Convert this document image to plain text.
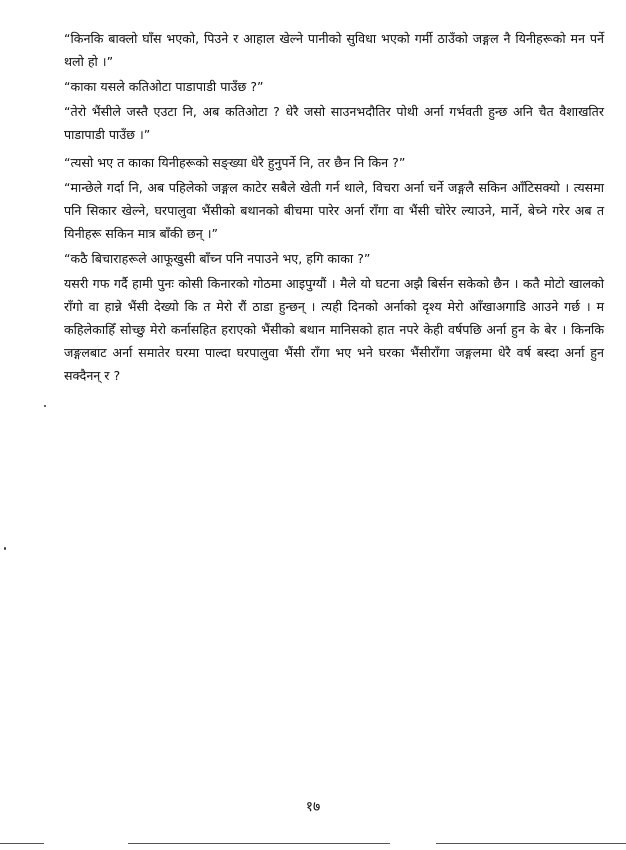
“किनकि बाक्लो घाँस भएको, पिउने र आहाल खेल्ने पानीको सुविधा भएको गर्मी ठाउँको जङ्गल नै यिनीहरूको मन पर्ने थलो हो ।”

“काका यसले कतिओटा पाडापाडी पाउँछ ?”

“तेरो भैंसीले जस्तै एउटा नि, अब कतिओटा ? धेरै जसो साउनभदौतिर पोथी अर्ना गर्भवती हुन्छ अनि चैत वैशाखतिर पाडापाडी पाउँछ ।”

“त्यसो भए त काका यिनीहरूको सङ्ख्या धेरै हुनुपर्ने नि, तर छैन नि किन ?”

“मान्छेले गर्दा नि, अब पहिलेको जङ्गल काटेर सबैले खेती गर्न थाले, विचरा अर्ना चर्ने जङ्गलै सकिन आँटिसक्यो । त्यसमा पनि सिकार खेल्ने, घरपालुवा भैंसीको बथानको बीचमा पारेर अर्ना राँगा वा भैंसी चोरेर ल्याउने, मार्ने, बेच्ने गरेर अब त यिनीहरू सकिन मात्र बाँकी छन् ।”

“कठै बिचाराहरूले आफूखुसी बाँच्न पनि नपाउने भए, हगि काका ?”

यसरी गफ गर्दै हामी पुनः कोसी किनारको गोठमा आइपुग्यौं । मैले यो घटना अझै बिर्सन सकेको छैन । कतै मोटो खालको राँगो वा हान्ने भैंसी देख्यो कि त मेरो रौं ठाडा हुन्छन् । त्यही दिनको अर्नाको दृश्य मेरो आँखाअगाडि आउने गर्छ । म कहिलेकाहिँ सोच्छु मेरो कर्नासहित हराएको भैंसीको बथान मानिसको हात नपरे केही वर्षपछि अर्ना हुन के बेर । किनकि जङ्गलबाट अर्ना समातेर घरमा पाल्दा घरपालुवा भैंसी राँगा भए भने घरका भैंसीराँगा जङ्गलमा धेरै वर्ष बस्दा अर्ना हुन सक्दैनन् र ?

१७
